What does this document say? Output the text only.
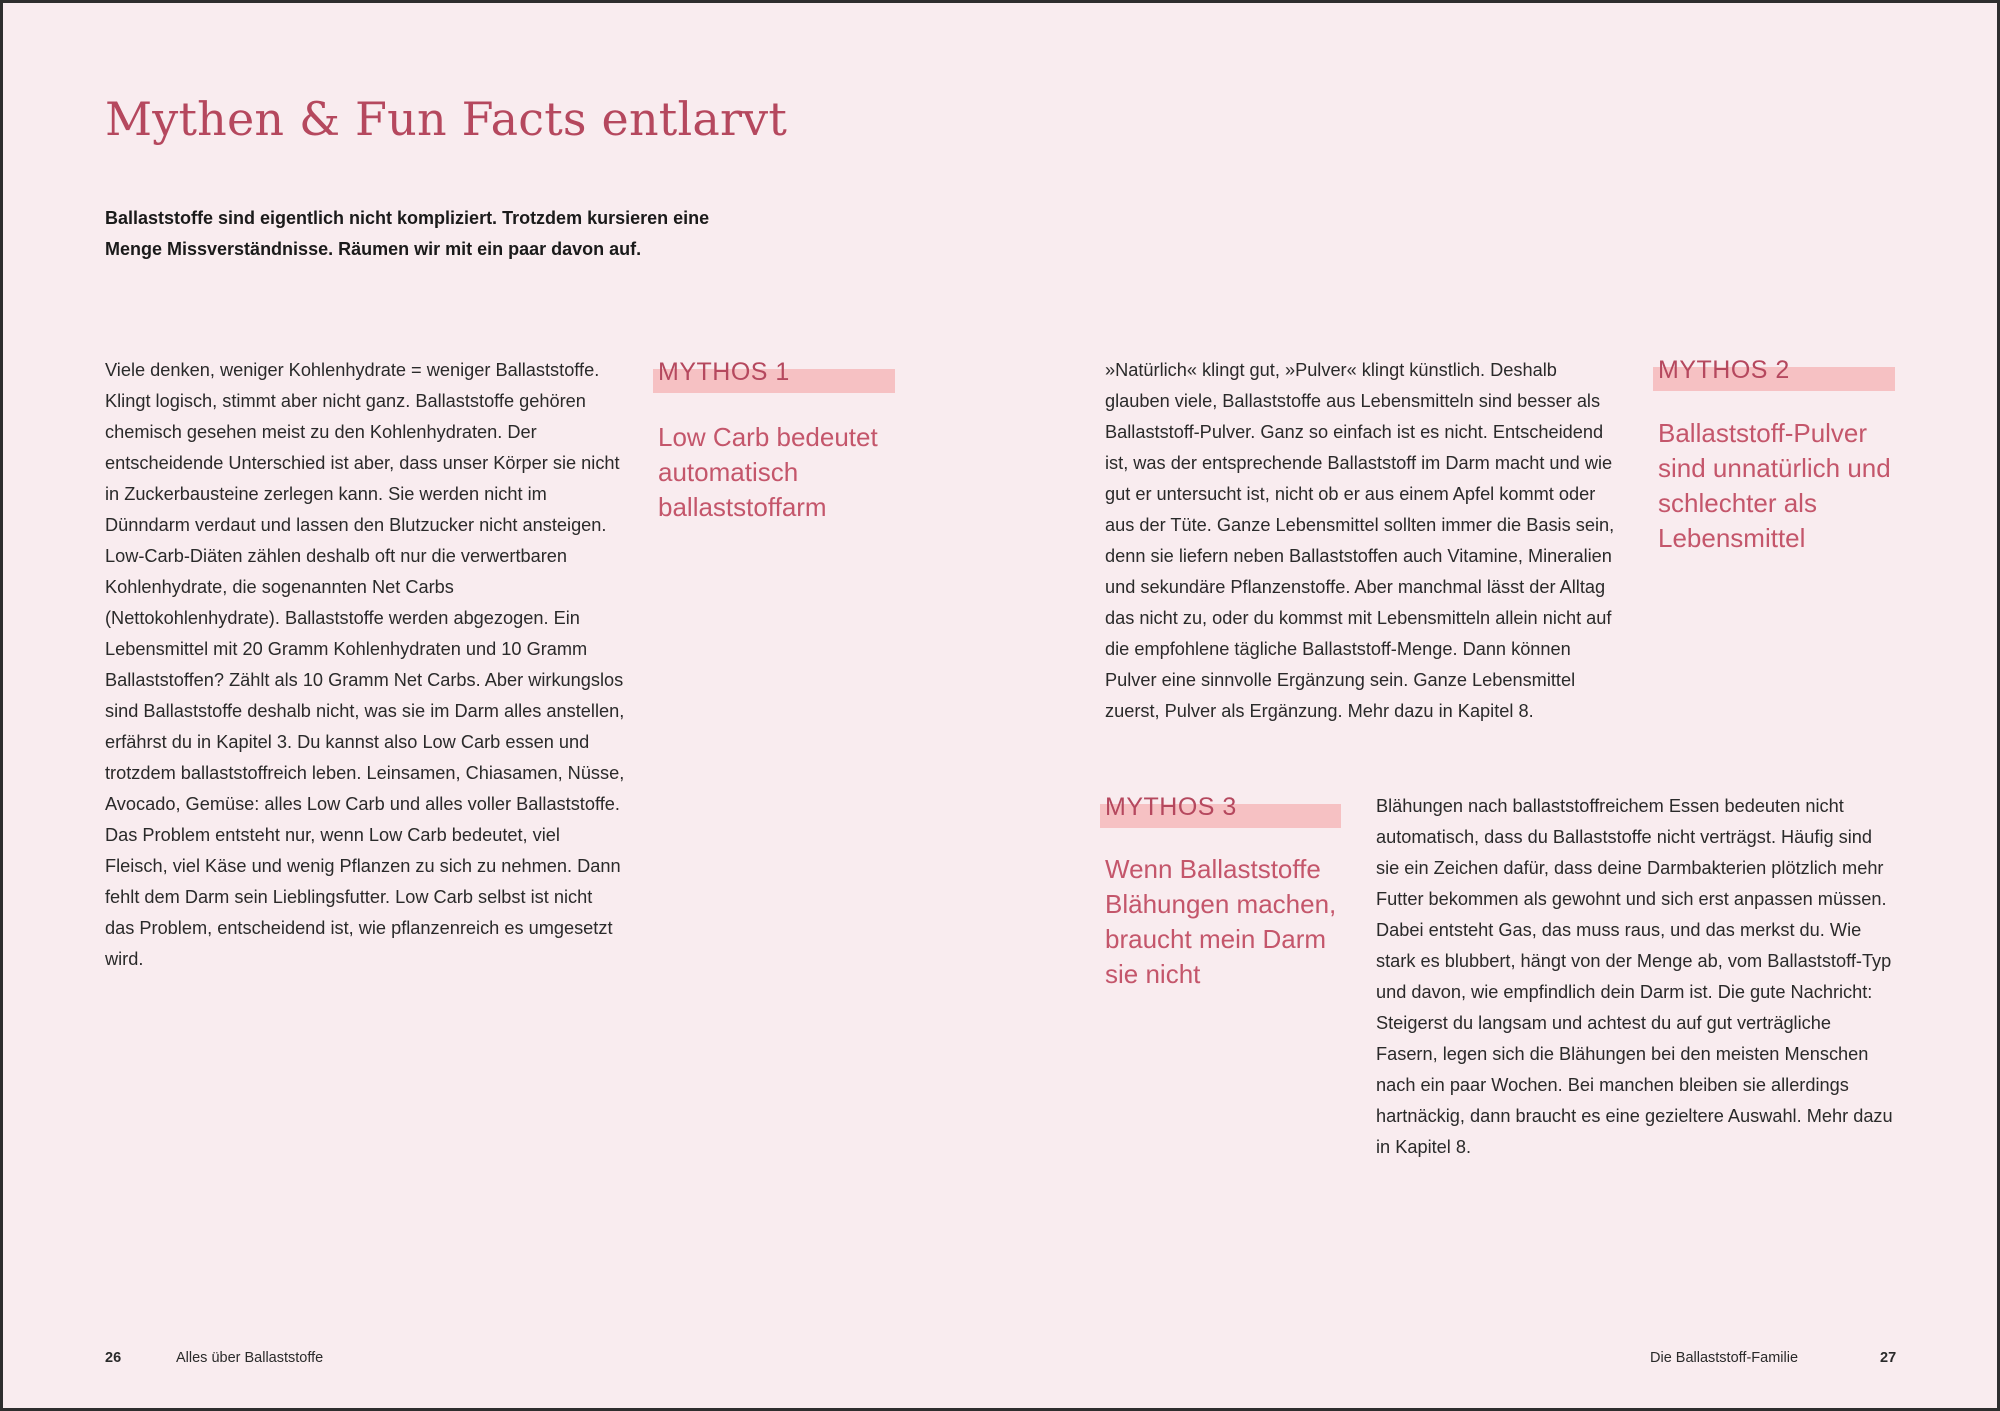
Mythen & Fun Facts entlarvt

Ballaststoffe sind eigentlich nicht kompliziert. Trotzdem kursieren eine Menge Missverständnisse. Räumen wir mit ein paar davon auf.

Viele denken, weniger Kohlenhydrate = weniger Ballaststoffe. Klingt logisch, stimmt aber nicht ganz. Ballaststoffe gehören chemisch gesehen meist zu den Kohlenhydraten. Der entscheidende Unterschied ist aber, dass unser Körper sie nicht in Zuckerbausteine zerlegen kann. Sie werden nicht im Dünndarm verdaut und lassen den Blutzucker nicht ansteigen. Low-Carb-Diäten zählen deshalb oft nur die verwertbaren Kohlenhydrate, die sogenannten Net Carbs (Nettokohlenhydrate). Ballaststoffe werden abgezogen. Ein Lebensmittel mit 20 Gramm Kohlenhydraten und 10 Gramm Ballaststoffen? Zählt als 10 Gramm Net Carbs. Aber wirkungslos sind Ballaststoffe deshalb nicht, was sie im Darm alles anstellen, erfährst du in Kapitel 3. Du kannst also Low Carb essen und trotzdem ballaststoffreich leben. Leinsamen, Chiasamen, Nüsse, Avocado, Gemüse: alles Low Carb und alles voller Ballaststoffe. Das Problem entsteht nur, wenn Low Carb bedeutet, viel Fleisch, viel Käse und wenig Pflanzen zu sich zu nehmen. Dann fehlt dem Darm sein Lieblingsfutter. Low Carb selbst ist nicht das Problem, entscheidend ist, wie pflanzenreich es umgesetzt wird.

MYTHOS 1

Low Carb bedeutet automatisch ballaststoffarm

»Natürlich« klingt gut, »Pulver« klingt künstlich. Deshalb glauben viele, Ballaststoffe aus Lebensmitteln sind besser als Ballaststoff-Pulver. Ganz so einfach ist es nicht. Entscheidend ist, was der entsprechende Ballaststoff im Darm macht und wie gut er untersucht ist, nicht ob er aus einem Apfel kommt oder aus der Tüte. Ganze Lebensmittel sollten immer die Basis sein, denn sie liefern neben Ballaststoffen auch Vitamine, Mineralien und sekundäre Pflanzenstoffe. Aber manchmal lässt der Alltag das nicht zu, oder du kommst mit Lebensmitteln allein nicht auf die empfohlene tägliche Ballaststoff-Menge. Dann können Pulver eine sinnvolle Ergänzung sein. Ganze Lebensmittel zuerst, Pulver als Ergänzung. Mehr dazu in Kapitel 8.

MYTHOS 2

Ballaststoff-Pulver sind unnatürlich und schlechter als Lebensmittel

MYTHOS 3

Wenn Ballaststoffe Blähungen machen, braucht mein Darm sie nicht

Blähungen nach ballaststoffreichem Essen bedeuten nicht automatisch, dass du Ballaststoffe nicht verträgst. Häufig sind sie ein Zeichen dafür, dass deine Darmbakterien plötzlich mehr Futter bekommen als gewohnt und sich erst anpassen müssen. Dabei entsteht Gas, das muss raus, und das merkst du. Wie stark es blubbert, hängt von der Menge ab, vom Ballaststoff-Typ und davon, wie empfindlich dein Darm ist. Die gute Nachricht: Steigerst du langsam und achtest du auf gut verträgliche Fasern, legen sich die Blähungen bei den meisten Menschen nach ein paar Wochen. Bei manchen bleiben sie allerdings hartnäckig, dann braucht es eine gezieltere Auswahl. Mehr dazu in Kapitel 8.

26	Alles über Ballaststoffe	Die Ballaststoff-Familie	27
